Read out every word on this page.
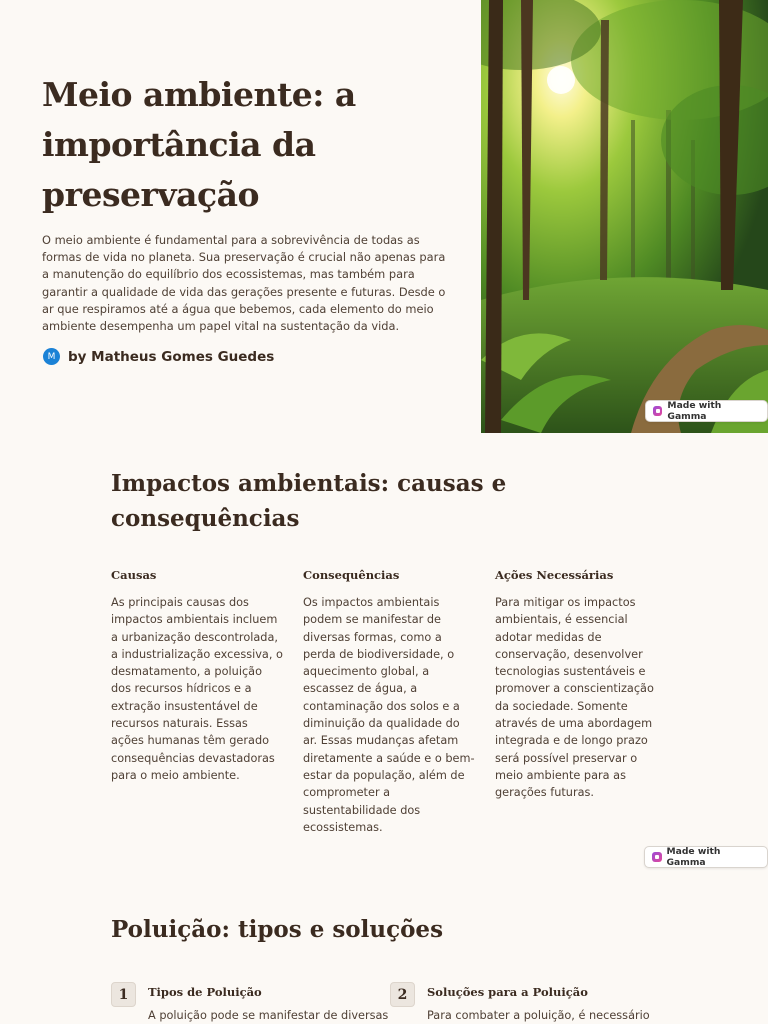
Meio ambiente: a importância da preservação

O meio ambiente é fundamental para a sobrevivência de todas as formas de vida no planeta. Sua preservação é crucial não apenas para a manutenção do equilíbrio dos ecossistemas, mas também para garantir a qualidade de vida das gerações presente e futuras. Desde o ar que respiramos até a água que bebemos, cada elemento do meio ambiente desempenha um papel vital na sustentação da vida.

M by Matheus Gomes Guedes
Made with Gamma
Impactos ambientais: causas e consequências
Causas
As principais causas dos impactos ambientais incluem a urbanização descontrolada, a industrialização excessiva, o desmatamento, a poluição dos recursos hídricos e a extração insustentável de recursos naturais. Essas ações humanas têm gerado consequências devastadoras para o meio ambiente.
Consequências
Os impactos ambientais podem se manifestar de diversas formas, como a perda de biodiversidade, o aquecimento global, a escassez de água, a contaminação dos solos e a diminuição da qualidade do ar. Essas mudanças afetam diretamente a saúde e o bem-estar da população, além de comprometer a sustentabilidade dos ecossistemas.
Ações Necessárias
Para mitigar os impactos ambientais, é essencial adotar medidas de conservação, desenvolver tecnologias sustentáveis e promover a conscientização da sociedade. Somente através de uma abordagem integrada e de longo prazo será possível preservar o meio ambiente para as gerações futuras.
Made with Gamma
Poluição: tipos e soluções
1	Tipos de Poluição
A poluição pode se manifestar de diversas
2	Soluções para a Poluição
Para combater a poluição, é necessário
